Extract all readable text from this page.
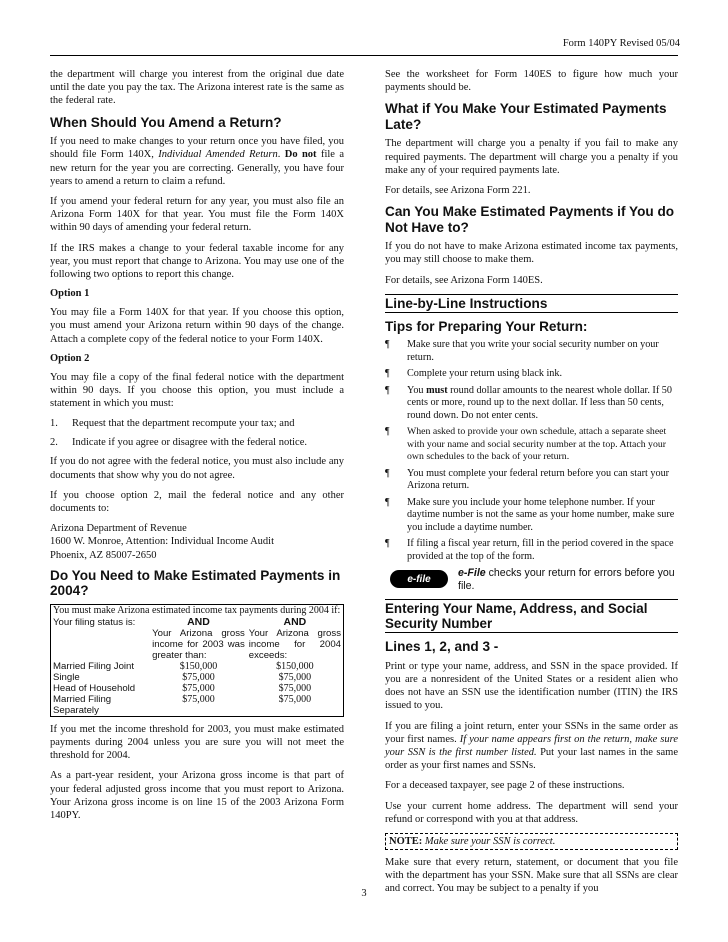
Form 140PY Revised 05/04

the department will charge you interest from the original due date until the date you pay the tax. The Arizona interest rate is the same as the federal rate.

When Should You Amend a Return?

If you need to make changes to your return once you have filed, you should file Form 140X, Individual Amended Return. Do not file a new return for the year you are correcting. Generally, you have four years to amend a return to claim a refund.

If you amend your federal return for any year, you must also file an Arizona Form 140X for that year. You must file the Form 140X within 90 days of amending your federal return.

If the IRS makes a change to your federal taxable income for any year, you must report that change to Arizona. You may use one of the following two options to report this change.

Option 1

You may file a Form 140X for that year. If you choose this option, you must amend your Arizona return within 90 days of the change. Attach a complete copy of the federal notice to your Form 140X.

Option 2

You may file a copy of the final federal notice with the department within 90 days. If you choose this option, you must include a statement in which you must:

1.	Request that the department recompute your tax; and
2.	Indicate if you agree or disagree with the federal notice.

If you do not agree with the federal notice, you must also include any documents that show why you do not agree.

If you choose option 2, mail the federal notice and any other documents to:

Arizona Department of Revenue

1600 W. Monroe, Attention: Individual Income Audit

Phoenix, AZ 85007-2650

Do You Need to Make Estimated Payments in 2004?
You must make Arizona estimated income tax payments during 2004 if:		
Your filing status is:	AND	AND
	Your Arizona gross income for 2003 was greater than:	Your Arizona gross income for 2004 exceeds:
Married Filing Joint	$150,000	$150,000
Single	$75,000	$75,000
Head of Household	$75,000	$75,000
Married Filing Separately	$75,000	$75,000

If you met the income threshold for 2003, you must make estimated payments during 2004 unless you are sure you will not meet the threshold for 2004.

As a part-year resident, your Arizona gross income is that part of your federal adjusted gross income that you must report to Arizona. Your Arizona gross income is on line 15 of the 2003 Arizona Form 140PY.

See the worksheet for Form 140ES to figure how much your payments should be.

What if You Make Your Estimated Payments Late?

The department will charge you a penalty if you fail to make any required payments. The department will charge you a penalty if you make any of your required payments late.

For details, see Arizona Form 221.

Can You Make Estimated Payments if You do Not Have to?

If you do not have to make Arizona estimated income tax payments, you may still choose to make them.

For details, see Arizona Form 140ES.

Line-by-Line Instructions
Tips for Preparing Your Return:
¶	Make sure that you write your social security number on your return.
¶	Complete your return using black ink.
¶	You must round dollar amounts to the nearest whole dollar. If 50 cents or more, round up to the next dollar. If less than 50 cents, round down. Do not enter cents.
¶	When asked to provide your own schedule, attach a separate sheet with your name and social security number at the top. Attach your own schedules to the back of your return.
¶	You must complete your federal return before you can start your Arizona return.
¶	Make sure you include your home telephone number. If your daytime number is not the same as your home number, make sure you include a daytime number.
¶	If filing a fiscal year return, fill in the period covered in the space provided at the top of the form.
e-file	e-File checks your return for errors before you file.
Entering Your Name, Address, and Social Security Number
Lines 1, 2, and 3 -

Print or type your name, address, and SSN in the space provided. If you are a nonresident of the United States or a resident alien who does not have an SSN use the identification number (ITIN) the IRS issued to you.

If you are filing a joint return, enter your SSNs in the same order as your first names. If your name appears first on the return, make sure your SSN is the first number listed. Put your last names in the same order as your first names and SSNs.

For a deceased taxpayer, see page 2 of these instructions.

Use your current home address. The department will send your refund or correspond with you at that address.

NOTE: Make sure your SSN is correct.

Make sure that every return, statement, or document that you file with the department has your SSN. Make sure that all SSNs are clear and correct. You may be subject to a penalty if you

3
